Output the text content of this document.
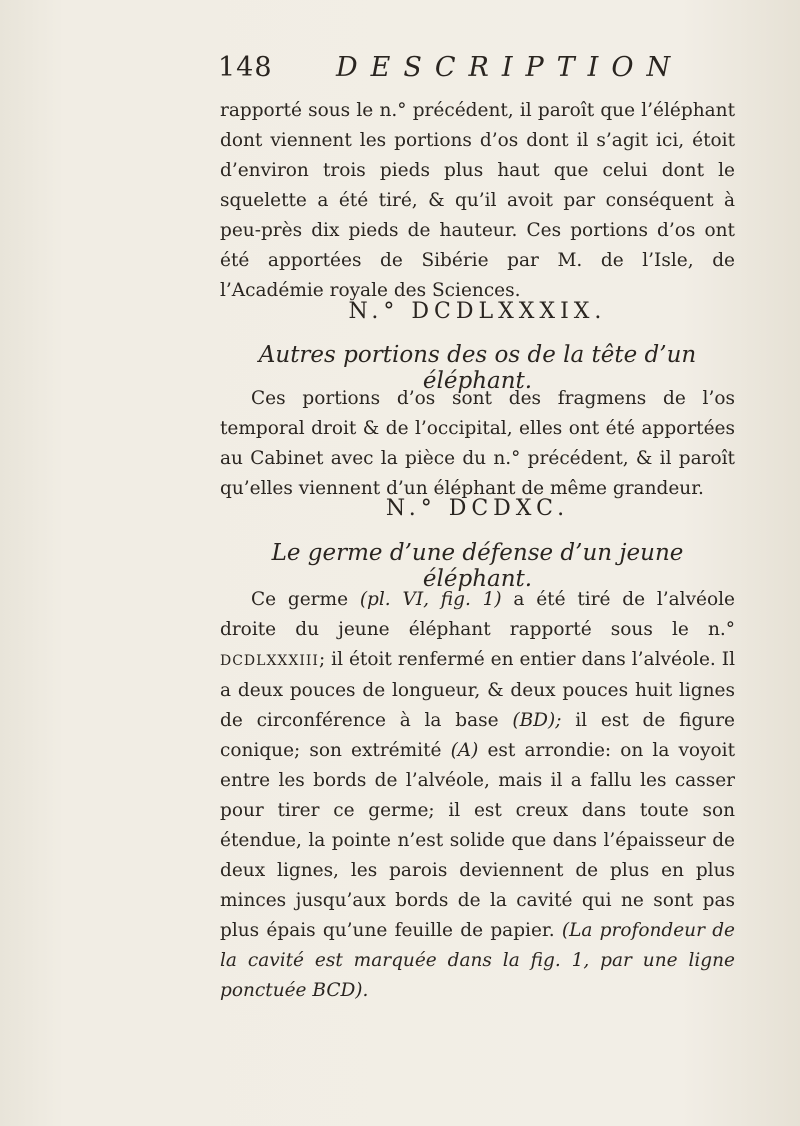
148 DESCRIPTION

rapporté sous le n.° précédent, il paroît que l’éléphant dont viennent les portions d’os dont il s’agit ici, étoit d’environ trois pieds plus haut que celui dont le squelette a été tiré, & qu’il avoit par conséquent à peu-près dix pieds de hauteur. Ces portions d’os ont été apportées de Sibérie par M. de l’Isle, de l’Académie royale des Sciences.

N.° DCDLXXXIX.
Autres portions des os de la tête d’un éléphant.

Ces portions d’os sont des fragmens de l’os temporal droit & de l’occipital, elles ont été apportées au Cabinet avec la pièce du n.° précédent, & il paroît qu’elles viennent d’un éléphant de même grandeur.

N.° DCDXC.
Le germe d’une défense d’un jeune éléphant.

Ce germe (pl. VI, fig. 1) a été tiré de l’alvéole droite du jeune éléphant rapporté sous le n.° DCDLXXXIII; il étoit renfermé en entier dans l’alvéole. Il a deux pouces de longueur, & deux pouces huit lignes de circonférence à la base (BD); il est de figure conique; son extrémité (A) est arrondie: on la voyoit entre les bords de l’alvéole, mais il a fallu les casser pour tirer ce germe; il est creux dans toute son étendue, la pointe n’est solide que dans l’épaisseur de deux lignes, les parois deviennent de plus en plus minces jusqu’aux bords de la cavité qui ne sont pas plus épais qu’une feuille de papier. (La profondeur de la cavité est marquée dans la fig. 1, par une ligne ponctuée BCD).
